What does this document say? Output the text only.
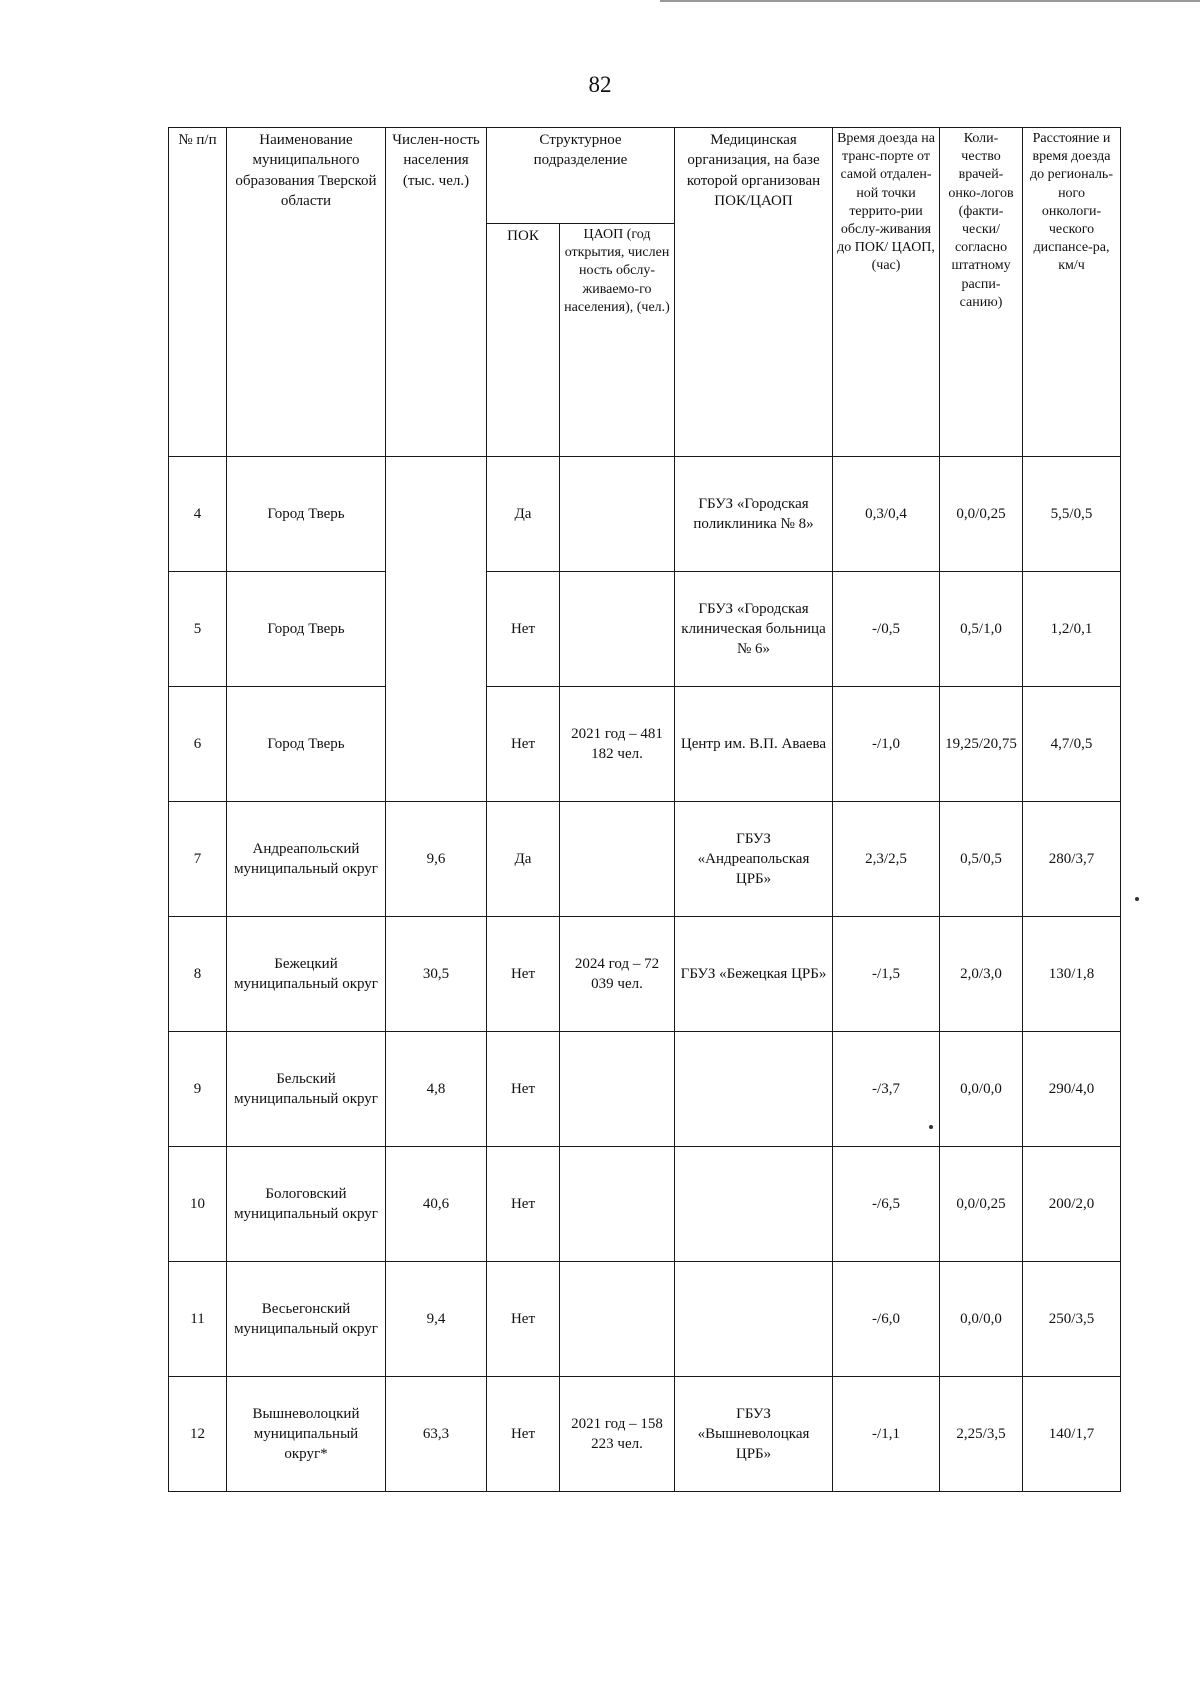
82
№ п/п	Наименование муниципального образования Тверской области	Числен-ность населения (тыс. чел.)	Структурное подразделение		Медицинская организация, на базе которой организован ПОК/ЦАОП	Время доезда на транс-порте от самой отдален-ной точки террито-рии обслу-живания до ПОК/ ЦАОП, (час)	Коли-чество врачей-онко-логов (факти-чески/ согласно штатному распи-санию)	Расстояние и время доезда до региональ-ного онкологи-ческого диспансе-ра, км/ч
			ПОК	ЦАОП (год открытия, числен ность обслу-живаемо-го населения), (чел.)				
4	Город Тверь		Да		ГБУЗ «Городская поликлиника № 8»	0,3/0,4	0,0/0,25	5,5/0,5
5	Город Тверь		Нет		ГБУЗ «Городская клиническая больница № 6»	-/0,5	0,5/1,0	1,2/0,1
6	Город Тверь		Нет	2021 год – 481 182 чел.	Центр им. В.П. Аваева	-/1,0	19,25/20,75	4,7/0,5
7	Андреапольский муниципальный округ	9,6	Да		ГБУЗ «Андреапольская ЦРБ»	2,3/2,5	0,5/0,5	280/3,7
8	Бежецкий муниципальный округ	30,5	Нет	2024 год – 72 039 чел.	ГБУЗ «Бежецкая ЦРБ»	-/1,5	2,0/3,0	130/1,8
9	Бельский муниципальный округ	4,8	Нет			-/3,7	0,0/0,0	290/4,0
10	Бологовский муниципальный округ	40,6	Нет			-/6,5	0,0/0,25	200/2,0
11	Весьегонский муниципальный округ	9,4	Нет			-/6,0	0,0/0,0	250/3,5
12	Вышневолоцкий муниципальный округ*	63,3	Нет	2021 год – 158 223 чел.	ГБУЗ «Вышневолоцкая ЦРБ»	-/1,1	2,25/3,5	140/1,7
